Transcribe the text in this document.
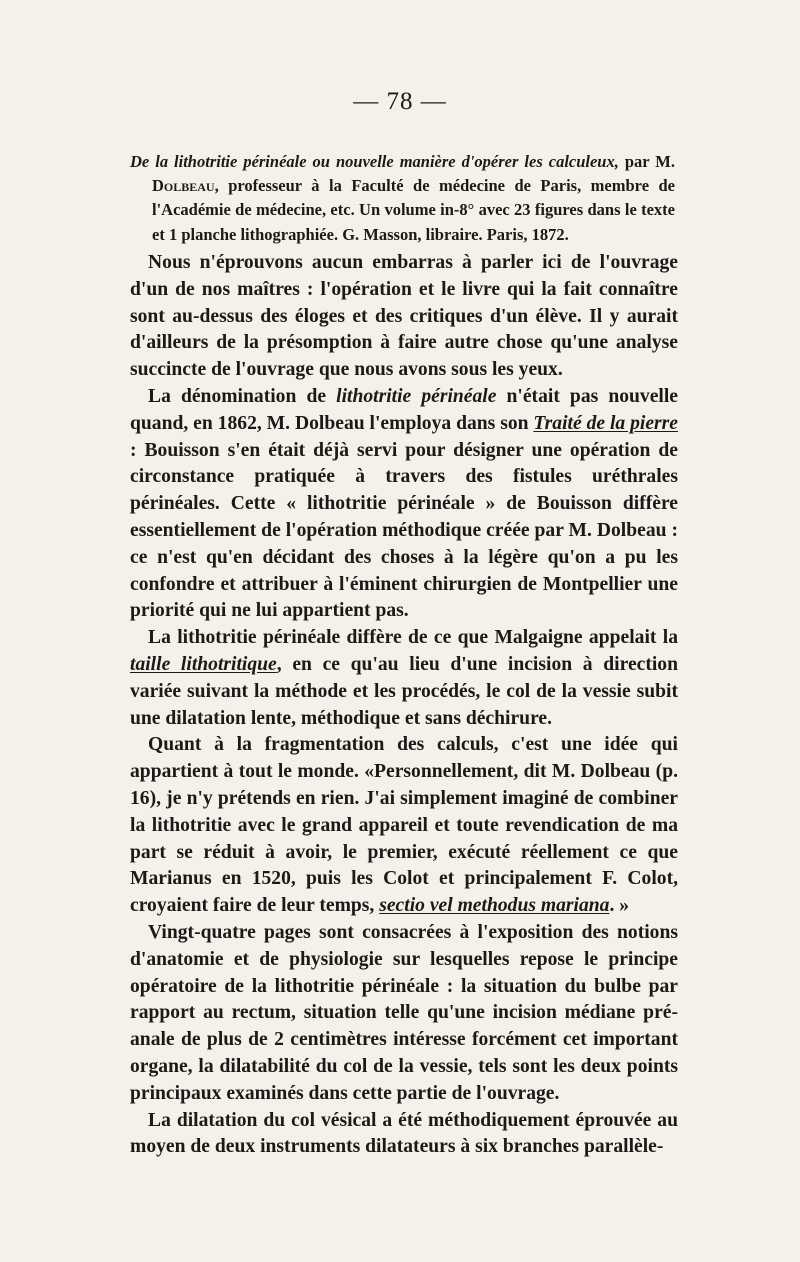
— 78 —
De la lithotritie périnéale ou nouvelle manière d'opérer les calculeux, par M. Dolbeau, professeur à la Faculté de médecine de Paris, membre de l'Académie de médecine, etc. Un volume in-8° avec 23 figures dans le texte et 1 planche lithographiée. G. Masson, libraire. Paris, 1872.

Nous n'éprouvons aucun embarras à parler ici de l'ouvrage d'un de nos maîtres : l'opération et le livre qui la fait connaître sont au-dessus des éloges et des critiques d'un élève. Il y aurait d'ailleurs de la présomption à faire autre chose qu'une analyse succincte de l'ouvrage que nous avons sous les yeux.

La dénomination de lithotritie périnéale n'était pas nouvelle quand, en 1862, M. Dolbeau l'employa dans son Traité de la pierre : Bouisson s'en était déjà servi pour désigner une opération de circonstance pratiquée à travers des fistules uréthrales périnéales. Cette « lithotritie périnéale » de Bouisson diffère essentiellement de l'opération méthodique créée par M. Dolbeau : ce n'est qu'en décidant des choses à la légère qu'on a pu les confondre et attribuer à l'éminent chirurgien de Montpellier une priorité qui ne lui appartient pas.

La lithotritie périnéale diffère de ce que Malgaigne appelait la taille lithotritique, en ce qu'au lieu d'une incision à direction variée suivant la méthode et les procédés, le col de la vessie subit une dilatation lente, méthodique et sans déchirure.

Quant à la fragmentation des calculs, c'est une idée qui appartient à tout le monde. «Personnellement, dit M. Dolbeau (p. 16), je n'y prétends en rien. J'ai simplement imaginé de combiner la lithotritie avec le grand appareil et toute revendication de ma part se réduit à avoir, le premier, exécuté réellement ce que Marianus en 1520, puis les Colot et principalement F. Colot, croyaient faire de leur temps, sectio vel methodus mariana. »

Vingt-quatre pages sont consacrées à l'exposition des notions d'anatomie et de physiologie sur lesquelles repose le principe opératoire de la lithotritie périnéale : la situation du bulbe par rapport au rectum, situation telle qu'une incision médiane pré-anale de plus de 2 centimètres intéresse forcément cet important organe, la dilatabilité du col de la vessie, tels sont les deux points principaux examinés dans cette partie de l'ouvrage.

La dilatation du col vésical a été méthodiquement éprouvée au moyen de deux instruments dilatateurs à six branches parallèle-
